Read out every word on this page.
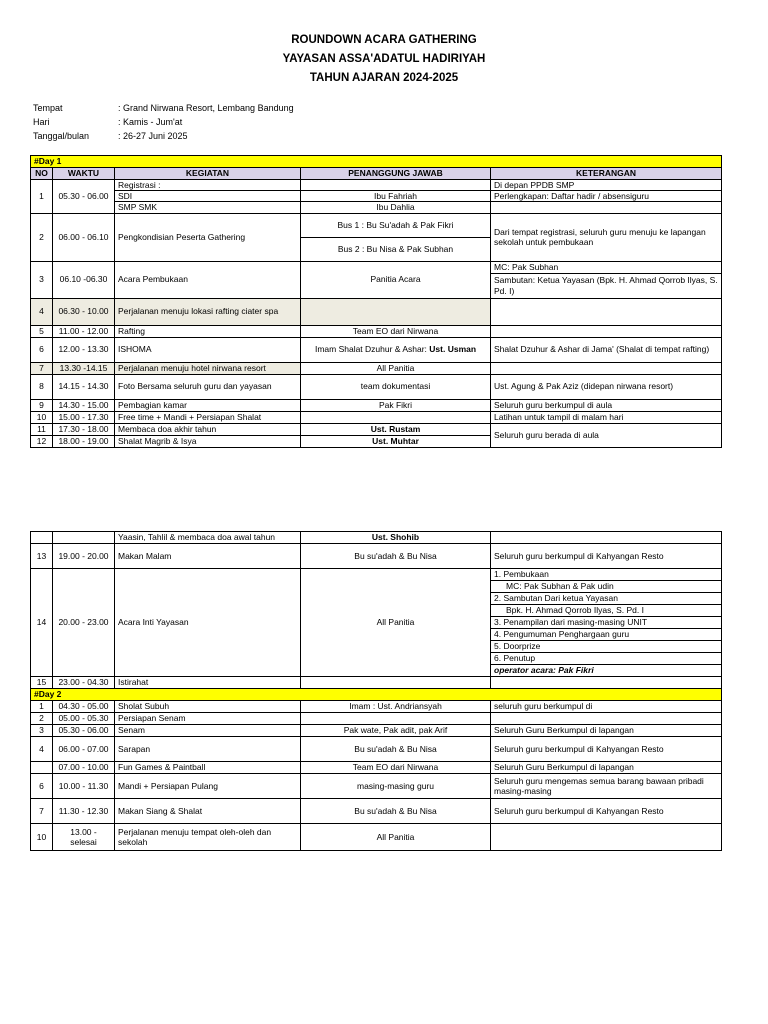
ROUNDOWN ACARA GATHERING
YAYASAN ASSA'ADATUL HADIRIYAH
TAHUN AJARAN 2024-2025
Tempat	: Grand Nirwana Resort, Lembang Bandung
Hari	: Kamis - Jum'at
Tanggal/bulan	: 26-27 Juni 2025
#Day 1				
NO	WAKTU	KEGIATAN	PENANGGUNG JAWAB	KETERANGAN
1	05.30 - 06.00	Registrasi :		Di depan PPDB SMP
		SDI	Ibu Fahriah	Perlengkapan: Daftar hadir / absensiguru
		SMP SMK	Ibu Dahlia	
2	06.00 - 06.10	Pengkondisian Peserta Gathering	Bus 1 : Bu Su'adah & Pak Fikri	Dari tempat registrasi, seluruh guru menuju ke lapangan sekolah untuk pembukaan
			Bus 2 : Bu Nisa & Pak Subhan	
3	06.10 -06.30	Acara Pembukaan	Panitia Acara	MC: Pak Subhan
				Sambutan: Ketua Yayasan (Bpk. H. Ahmad Qorrob Ilyas, S. Pd. I)
4	06.30 - 10.00	Perjalanan menuju lokasi rafting ciater spa		
5	11.00 - 12.00	Rafting	Team EO dari Nirwana	
6	12.00 - 13.30	ISHOMA	Imam Shalat Dzuhur & Ashar: Ust. Usman	Shalat Dzuhur & Ashar di Jama' (Shalat di tempat rafting)
7	13.30 -14.15	Perjalanan menuju hotel nirwana resort	All Panitia	
8	14.15 - 14.30	Foto Bersama seluruh guru dan yayasan	team dokumentasi	Ust. Agung & Pak Aziz (didepan nirwana resort)
9	14.30 - 15.00	Pembagian kamar	Pak Fikri	Seluruh guru berkumpul di aula
10	15.00 - 17.30	Free time + Mandi + Persiapan Shalat		Latihan untuk tampil di malam hari
11	17.30 - 18.00	Membaca doa akhir tahun	Ust. Rustam	Seluruh guru berada di aula
12	18.00 - 19.00	Shalat Magrib & Isya	Ust. Muhtar	
		Yaasin, Tahlil & membaca doa awal tahun	Ust. Shohib	
13	19.00 - 20.00	Makan Malam	Bu su'adah & Bu Nisa	Seluruh guru berkumpul di Kahyangan Resto
14	20.00 - 23.00	Acara Inti Yayasan	All Panitia	1. Pembukaan
				MC: Pak Subhan & Pak udin
				2. Sambutan Dari ketua Yayasan
				Bpk. H. Ahmad Qorrob Ilyas, S. Pd. I
				3. Penampilan dari masing-masing UNIT
				4. Pengumuman Penghargaan guru
				5. Doorprize
				6. Penutup
				operator acara: Pak Fikri
15	23.00 - 04.30	Istirahat		
#Day 2				
1	04.30 - 05.00	Sholat Subuh	Imam : Ust. Andriansyah	seluruh guru berkumpul di
2	05.00 - 05.30	Persiapan Senam		
3	05.30 - 06.00	Senam	Pak wate, Pak adit, pak Arif	Seluruh Guru Berkumpul di lapangan
4	06.00 - 07.00	Sarapan	Bu su'adah & Bu Nisa	Seluruh guru berkumpul di Kahyangan Resto
	07.00 - 10.00	Fun Games & Paintball	Team EO dari Nirwana	Seluruh Guru Berkumpul di lapangan
6	10.00 - 11.30	Mandi + Persiapan Pulang	masing-masing guru	Seluruh guru mengemas semua barang bawaan pribadi masing-masing
7	11.30 - 12.30	Makan Siang & Shalat	Bu su'adah & Bu Nisa	Seluruh guru berkumpul di Kahyangan Resto
10	13.00 - selesai	Perjalanan menuju tempat oleh-oleh dan sekolah	All Panitia	
